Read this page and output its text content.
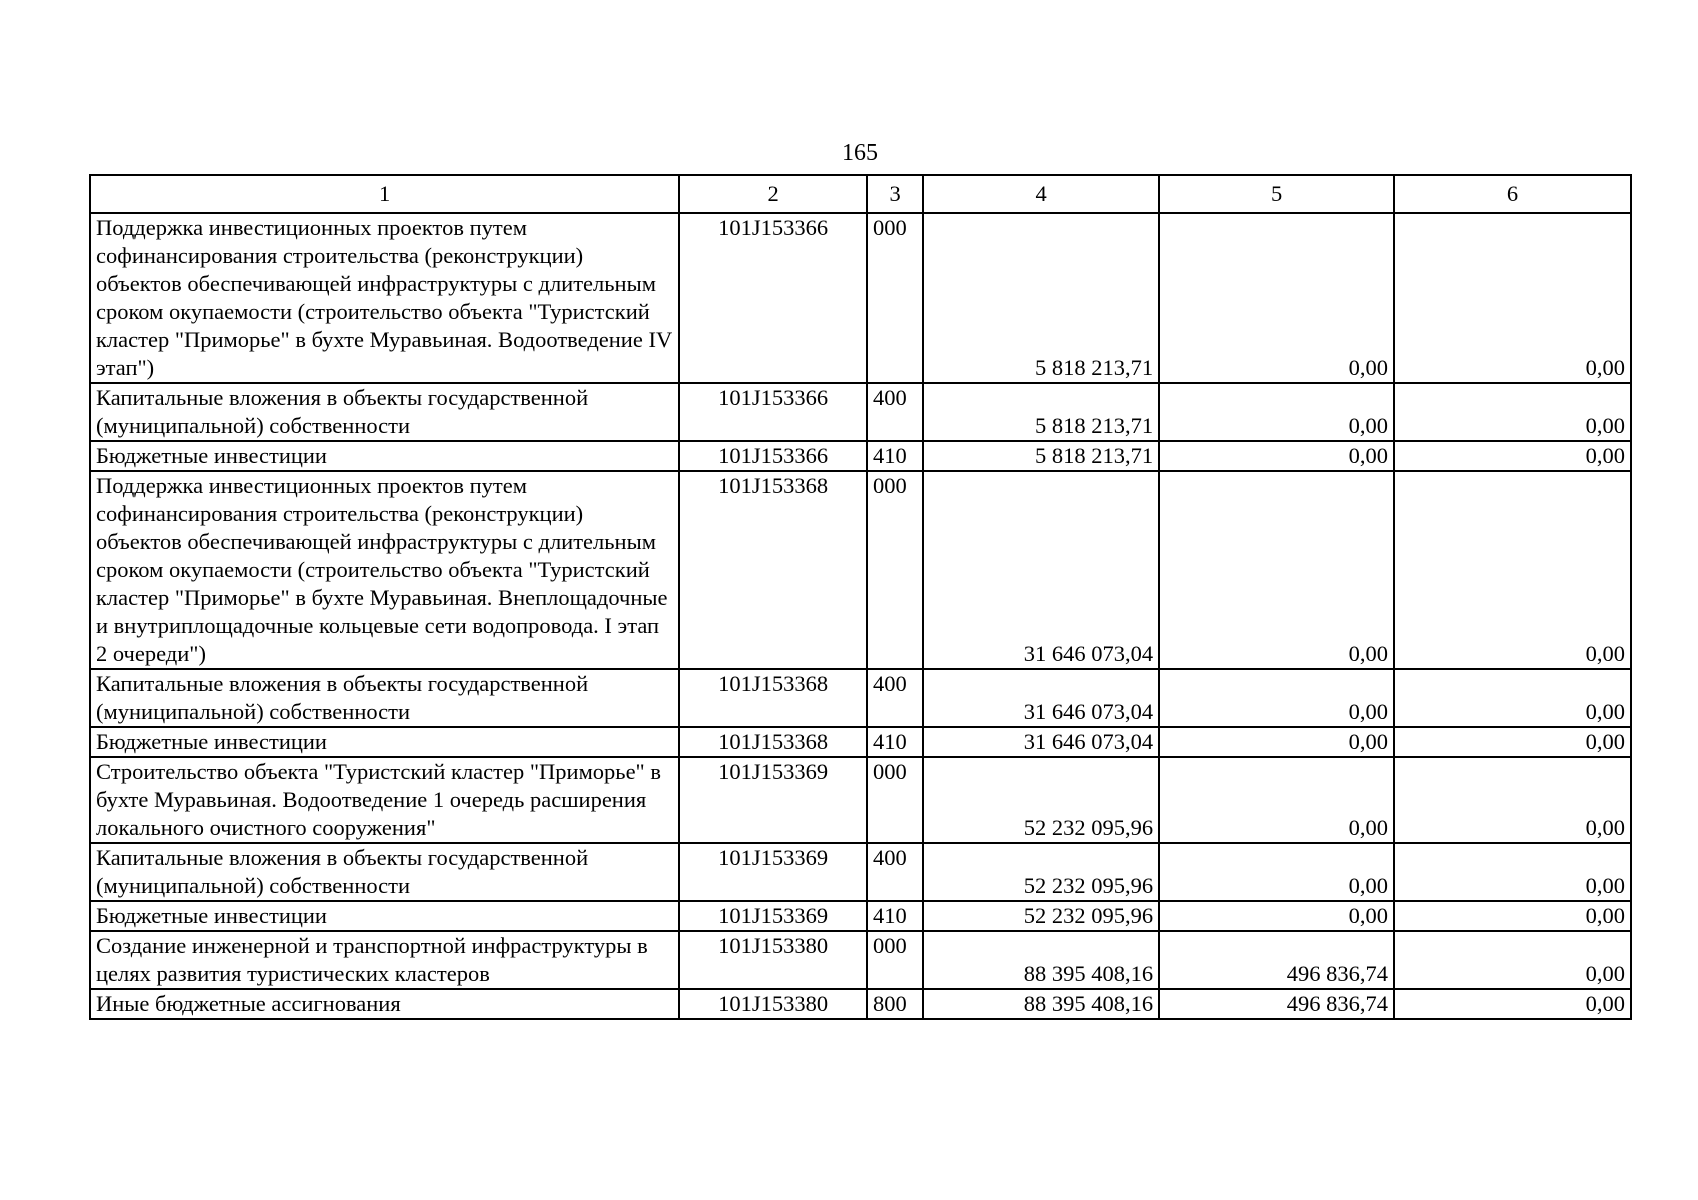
165
1	2	3	4	5	6
Поддержка инвестиционных проектов путем софинансирования строительства (реконструкции) объектов обеспечивающей инфраструктуры с длительным сроком окупаемости (строительство объекта "Туристский кластер "Приморье" в бухте Муравьиная. Водоотведение IV этап")	101J153366	000	5 818 213,71	0,00	0,00
Капитальные вложения в объекты государственной (муниципальной) собственности	101J153366	400	5 818 213,71	0,00	0,00
Бюджетные инвестиции	101J153366	410	5 818 213,71	0,00	0,00
Поддержка инвестиционных проектов путем софинансирования строительства (реконструкции) объектов обеспечивающей инфраструктуры с длительным сроком окупаемости (строительство объекта "Туристский кластер "Приморье" в бухте Муравьиная. Внеплощадочные и внутриплощадочные кольцевые сети водопровода. I этап 2 очереди")	101J153368	000	31 646 073,04	0,00	0,00
Капитальные вложения в объекты государственной (муниципальной) собственности	101J153368	400	31 646 073,04	0,00	0,00
Бюджетные инвестиции	101J153368	410	31 646 073,04	0,00	0,00
Строительство объекта "Туристский кластер "Приморье" в бухте Муравьиная. Водоотведение 1 очередь расширения локального очистного сооружения"	101J153369	000	52 232 095,96	0,00	0,00
Капитальные вложения в объекты государственной (муниципальной) собственности	101J153369	400	52 232 095,96	0,00	0,00
Бюджетные инвестиции	101J153369	410	52 232 095,96	0,00	0,00
Создание инженерной и транспортной инфраструктуры в целях развития туристических кластеров	101J153380	000	88 395 408,16	496 836,74	0,00
Иные бюджетные ассигнования	101J153380	800	88 395 408,16	496 836,74	0,00
